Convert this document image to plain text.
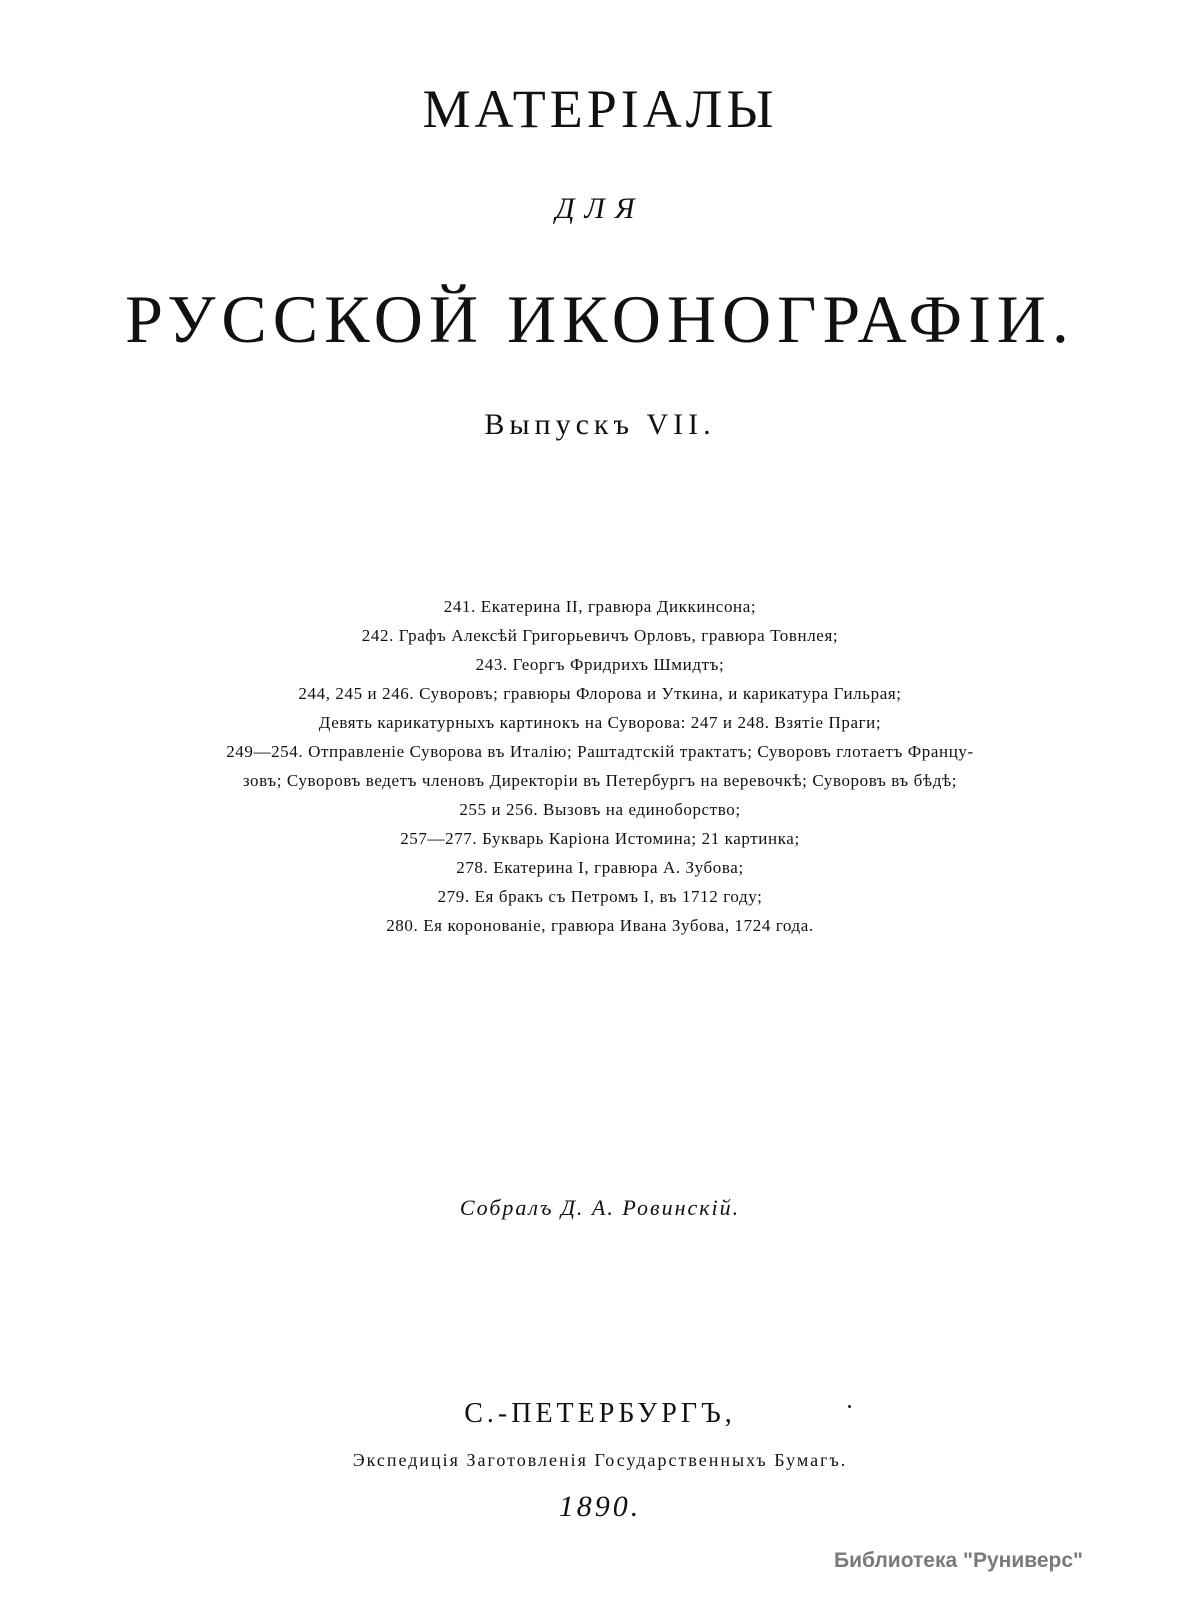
МАТЕРІАЛЫ
ДЛЯ
РУССКОЙ ИКОНОГРАФІИ.
Выпускъ VII.
241. Екатерина II, гравюра Диккинсона;
242. Графъ Алексѣй Григорьевичъ Орловъ, гравюра Товнлея;
243. Георгъ Фридрихъ Шмидтъ;
244, 245 и 246. Суворовъ; гравюры Флорова и Уткина, и карикатура Гильрая;
Девять карикатурныхъ картинокъ на Суворова: 247 и 248. Взятіе Праги;
249—254. Отправленіе Суворова въ Италію; Раштадтскій трактатъ; Суворовъ глотаетъ Францу-
зовъ; Суворовъ ведетъ членовъ Директоріи въ Петербургъ на веревочкѣ; Суворовъ въ бѣдѣ;
255 и 256. Вызовъ на единоборство;
257—277. Букварь Каріона Истомина; 21 картинка;
278. Екатерина I, гравюра А. Зубова;
279. Ея бракъ съ Петромъ I, въ 1712 году;
280. Ея коронованіе, гравюра Ивана Зубова, 1724 года.
Собралъ Д. А. Ровинскій.
С.-ПЕТЕРБУРГЪ,
Экспедиція Заготовленія Государственныхъ Бумагъ.
1890.
Библиотека "Руниверс"
